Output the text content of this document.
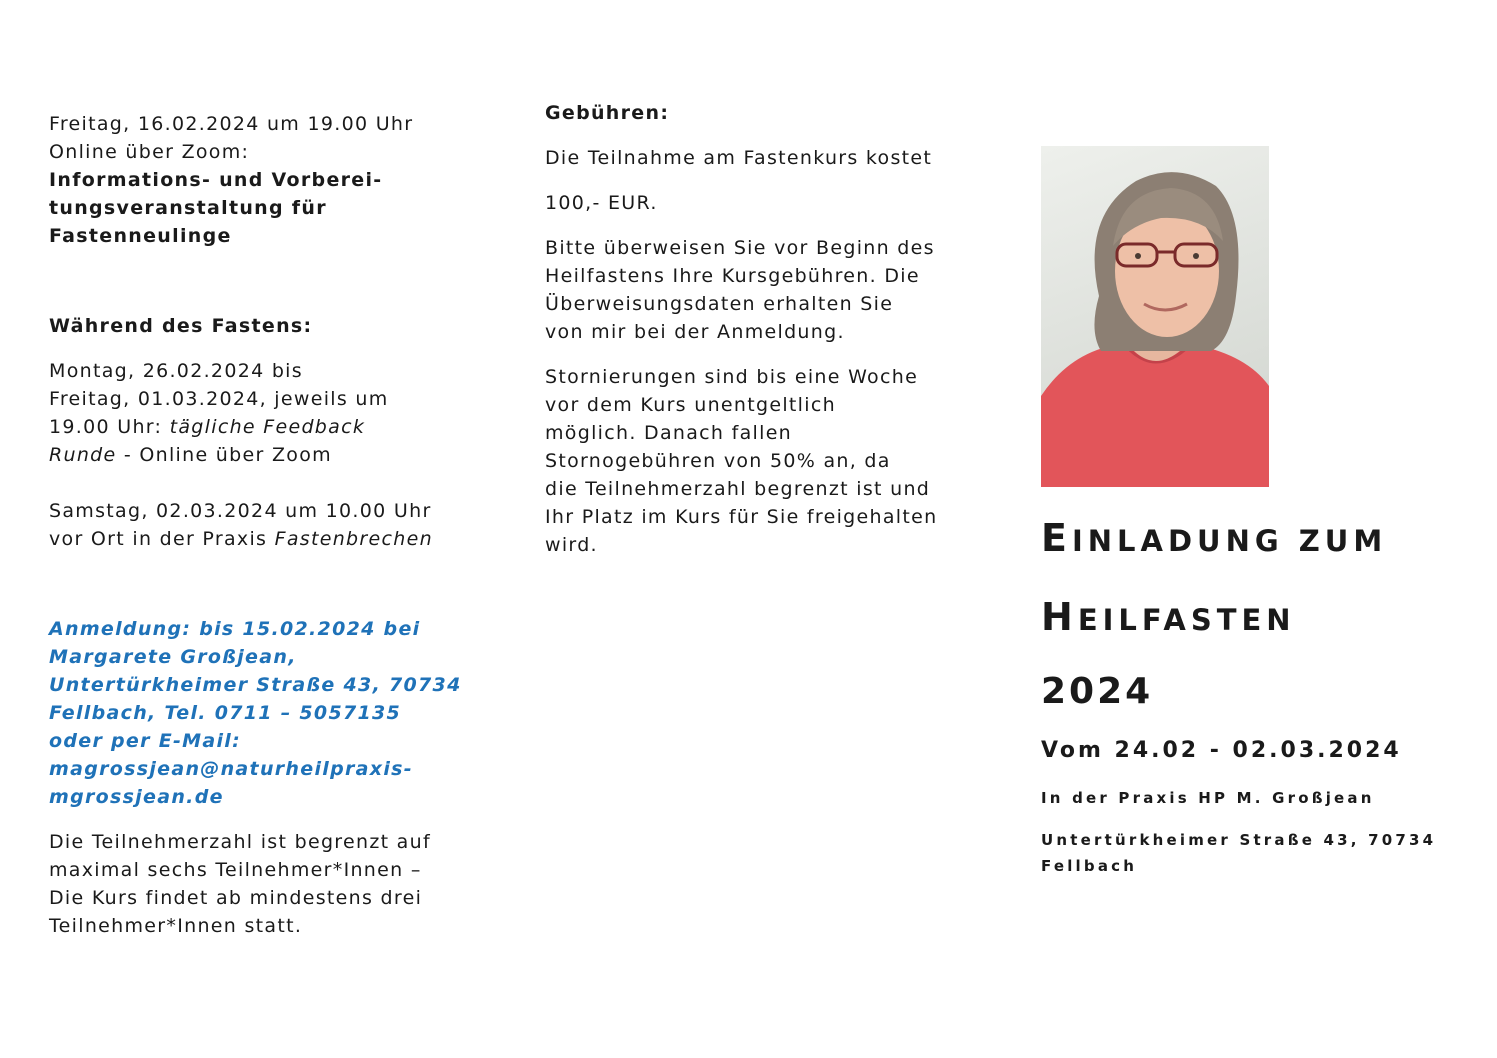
Freitag, 16.02.2024 um 19.00 Uhr

Online über Zoom:

Informations- und Vorberei-

tungsveranstaltung für

Fastenneulinge

Während des Fastens:

Montag, 26.02.2024 bis

Freitag, 01.03.2024, jeweils um

19.00 Uhr: tägliche Feedback

Runde - Online über Zoom

Samstag, 02.03.2024 um 10.00 Uhr

vor Ort in der Praxis Fastenbrechen

Anmeldung: bis 15.02.2024 bei

Margarete Großjean,

Untertürkheimer Straße 43, 70734

Fellbach, Tel. 0711 – 5057135

oder per E-Mail:

magrossjean@naturheilpraxis-

mgrossjean.de

Die Teilnehmerzahl ist begrenzt auf

maximal sechs Teilnehmer*Innen –

Die Kurs findet ab mindestens drei

Teilnehmer*Innen statt.

Gebühren:

Die Teilnahme am Fastenkurs kostet

100,- EUR.

Bitte überweisen Sie vor Beginn des

Heilfastens Ihre Kursgebühren. Die

Überweisungsdaten erhalten Sie

von mir bei der Anmeldung.

Stornierungen sind bis eine Woche

vor dem Kurs unentgeltlich

möglich. Danach fallen

Stornogebühren von 50% an, da

die Teilnehmerzahl begrenzt ist und

Ihr Platz im Kurs für Sie freigehalten

wird.	EINLADUNG ZUM

HEILFASTEN

2024

Vom 24.02 - 02.03.2024

In der Praxis HP M. Großjean

Untertürkheimer Straße 43, 70734

Fellbach
